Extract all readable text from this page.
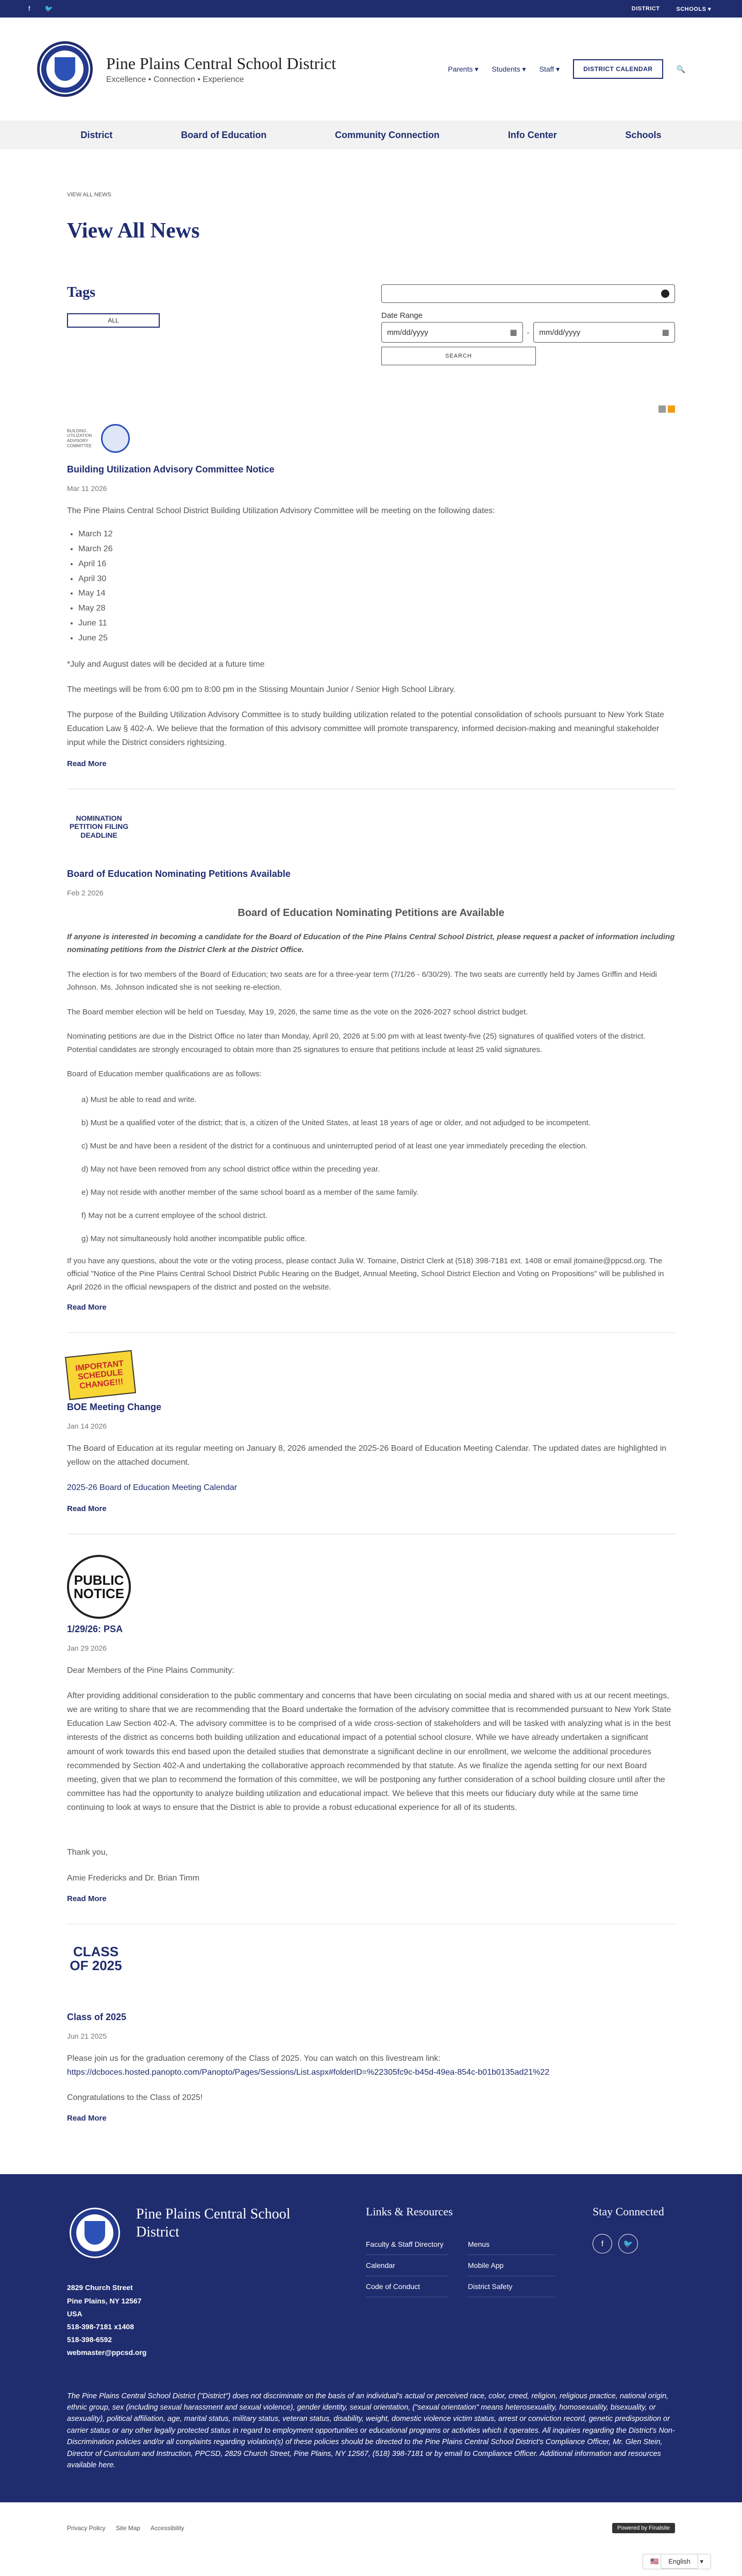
f 🐦	DISTRICT	SCHOOLS ▾
Pine Plains Central School District

Excellence • Connection • Experience

Parents ▾ Students ▾ Staff ▾	DISTRICT CALENDAR	🔍
District	Board of Education	Community Connection	Info Center	Schools
VIEW ALL NEWS
View All News
Tags
ALL
Date Range
mm/dd/yyyy	▦ - mm/dd/yyyy	▦
SEARCH
BUILDING UTILIZATION ADVISORY COMMITTEE
Building Utilization Advisory Committee Notice
Mar 11 2026

The Pine Plains Central School District Building Utilization Advisory Committee will be meeting on the following dates:

• March 12
• March 26
• April 16
• April 30
• May 14
• May 28
• June 11
• June 25

*July and August dates will be decided at a future time

The meetings will be from 6:00 pm to 8:00 pm in the Stissing Mountain Junior / Senior High School Library.

The purpose of the Building Utilization Advisory Committee is to study building utilization related to the potential consolidation of schools pursuant to New York State Education Law § 402-A. We believe that the formation of this advisory committee will promote transparency, informed decision-making and meaningful stakeholder input while the District considers rightsizing.

Read More
NOMINATION PETITION FILING DEADLINE
Board of Education Nominating Petitions Available
Feb 2 2026
Board of Education Nominating Petitions are Available

If anyone is interested in becoming a candidate for the Board of Education of the Pine Plains Central School District, please request a packet of information including nominating petitions from the District Clerk at the District Office.

The election is for two members of the Board of Education; two seats are for a three-year term (7/1/26 - 6/30/29). The two seats are currently held by James Griffin and Heidi Johnson. Ms. Johnson indicated she is not seeking re-election.

The Board member election will be held on Tuesday, May 19, 2026, the same time as the vote on the 2026-2027 school district budget.

Nominating petitions are due in the District Office no later than Monday, April 20, 2026 at 5:00 pm with at least twenty-five (25) signatures of qualified voters of the district. Potential candidates are strongly encouraged to obtain more than 25 signatures to ensure that petitions include at least 25 valid signatures.

Board of Education member qualifications are as follows:

a) Must be able to read and write.
b) Must be a qualified voter of the district; that is, a citizen of the United States, at least 18 years of age or older, and not adjudged to be incompetent.
c) Must be and have been a resident of the district for a continuous and uninterrupted period of at least one year immediately preceding the election.
d) May not have been removed from any school district office within the preceding year.
e) May not reside with another member of the same school board as a member of the same family.
f) May not be a current employee of the school district.
g) May not simultaneously hold another incompatible public office.

If you have any questions, about the vote or the voting process, please contact Julia W. Tomaine, District Clerk at (518) 398-7181 ext. 1408 or email jtomaine@ppcsd.org. The official "Notice of the Pine Plains Central School District Public Hearing on the Budget, Annual Meeting, School District Election and Voting on Propositions" will be published in April 2026 in the official newspapers of the district and posted on the website.

Read More
IMPORTANT SCHEDULE CHANGE!!!
BOE Meeting Change
Jan 14 2026

The Board of Education at its regular meeting on January 8, 2026 amended the 2025-26 Board of Education Meeting Calendar. The updated dates are highlighted in yellow on the attached document.

2025-26 Board of Education Meeting Calendar

Read More
PUBLIC NOTICE
1/29/26: PSA
Jan 29 2026

Dear Members of the Pine Plains Community:

After providing additional consideration to the public commentary and concerns that have been circulating on social media and shared with us at our recent meetings, we are writing to share that we are recommending that the Board undertake the formation of the advisory committee that is recommended pursuant to New York State Education Law Section 402-A. The advisory committee is to be comprised of a wide cross-section of stakeholders and will be tasked with analyzing what is in the best interests of the district as concerns both building utilization and educational impact of a potential school closure. While we have already undertaken a significant amount of work towards this end based upon the detailed studies that demonstrate a significant decline in our enrollment, we welcome the additional procedures recommended by Section 402-A and undertaking the collaborative approach recommended by that statute. As we finalize the agenda setting for our next Board meeting, given that we plan to recommend the formation of this committee, we will be postponing any further consideration of a school building closure until after the committee has had the opportunity to analyze building utilization and educational impact. We believe that this meets our fiduciary duty while at the same time continuing to look at ways to ensure that the District is able to provide a robust educational experience for all of its students.

Thank you,

Amie Fredericks and Dr. Brian Timm

Read More
CLASS OF 2025
Class of 2025
Jun 21 2025

Please join us for the graduation ceremony of the Class of 2025. You can watch on this livestream link:

https://dcboces.hosted.panopto.com/Panopto/Pages/Sessions/List.aspx#folderID=%22305fc9c-b45d-49ea-854c-b01b0135ad21%22

Congratulations to the Class of 2025!

Read More
Pine Plains Central School District
2829 Church Street
Pine Plains, NY 12567
USA
518-398-7181 x1408
518-398-6592
webmaster@ppcsd.org
Links & Resources
Faculty & Staff Directory	Menus
Calendar	Mobile App
Code of Conduct	District Safety
Stay Connected
f	🐦

The Pine Plains Central School District ("District") does not discriminate on the basis of an individual's actual or perceived race, color, creed, religion, religious practice, national origin, ethnic group, sex (including sexual harassment and sexual violence), gender identity, sexual orientation, ("sexual orientation" means heterosexuality, homosexuality, bisexuality, or asexuality), political affiliation, age, marital status, military status, veteran status, disability, weight, domestic violence victim status, arrest or conviction record, genetic predisposition or carrier status or any other legally protected status in regard to employment opportunities or educational programs or activities which it operates. All inquiries regarding the District's Non-Discrimination policies and/or all complaints regarding violation(s) of these policies should be directed to the Pine Plains Central School District's Compliance Officer, Mr. Glen Stein, Director of Curriculum and Instruction, PPCSD, 2829 Church Street, Pine Plains, NY 12567, (518) 398-7181 or by email to Compliance Officer. Additional information and resources available here.

Privacy Policy Site Map Accessibility	Powered by Finalsite
🇺🇸 English ▾
